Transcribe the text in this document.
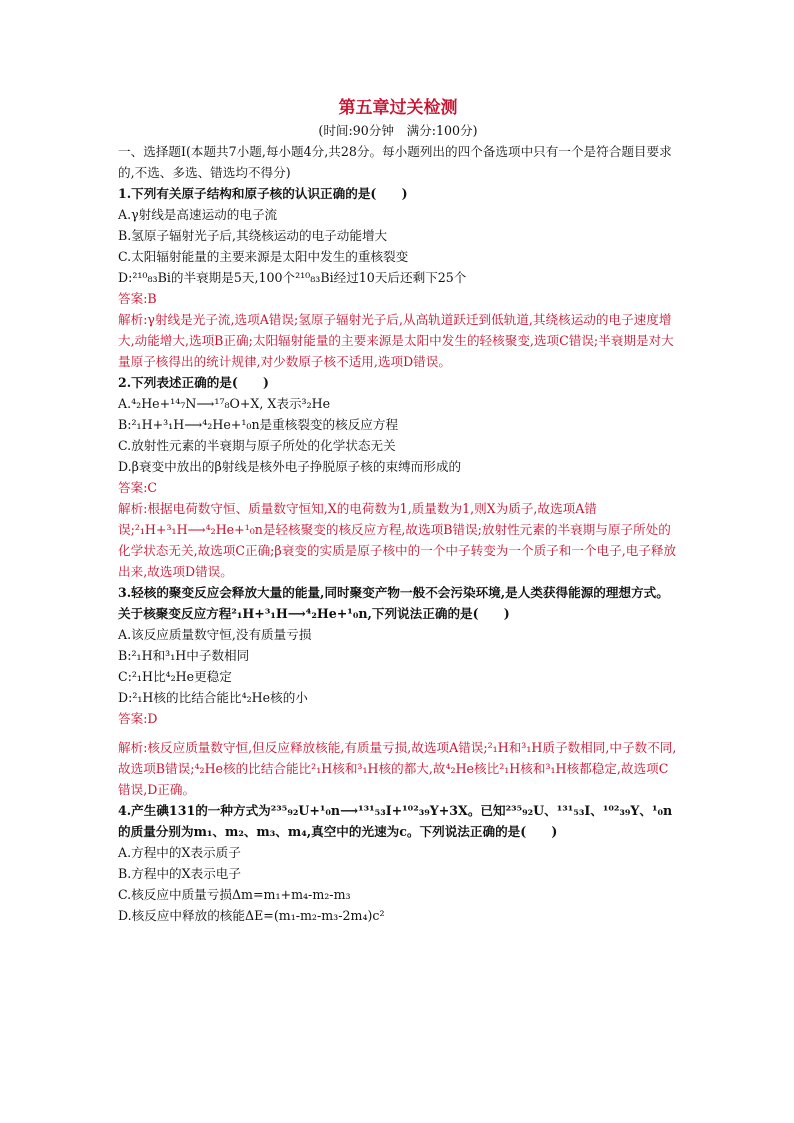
第五章过关检测
(时间:90分钟　满分:100分)

一、选择题Ⅰ(本题共7小题,每小题4分,共28分。每小题列出的四个备选项中只有一个是符合题目要求的,不选、多选、错选均不得分)

1.下列有关原子结构和原子核的认识正确的是(　　)

A.γ射线是高速运动的电子流

B.氢原子辐射光子后,其绕核运动的电子动能增大

C.太阳辐射能量的主要来源是太阳中发生的重核裂变

D:²¹⁰₈₃Bi的半衰期是5天,100个²¹⁰₈₃Bi经过10天后还剩下25个

答案:B

解析:γ射线是光子流,选项A错误;氢原子辐射光子后,从高轨道跃迁到低轨道,其绕核运动的电子速度增大,动能增大,选项B正确;太阳辐射能量的主要来源是太阳中发生的轻核聚变,选项C错误;半衰期是对大量原子核得出的统计规律,对少数原子核不适用,选项D错误。

2.下列表述正确的是(　　)

A.⁴₂He+¹⁴₇N⟶¹⁷₈O+X, X表示³₂He

B:²₁H+³₁H⟶⁴₂He+¹₀n是重核裂变的核反应方程

C.放射性元素的半衰期与原子所处的化学状态无关

D.β衰变中放出的β射线是核外电子挣脱原子核的束缚而形成的

答案:C

解析:根据电荷数守恒、质量数守恒知,X的电荷数为1,质量数为1,则X为质子,故选项A错误;²₁H+³₁H⟶⁴₂He+¹₀n是轻核聚变的核反应方程,故选项B错误;放射性元素的半衰期与原子所处的化学状态无关,故选项C正确;β衰变的实质是原子核中的一个中子转变为一个质子和一个电子,电子释放出来,故选项D错误。

3.轻核的聚变反应会释放大量的能量,同时聚变产物一般不会污染环境,是人类获得能源的理想方式。关于核聚变反应方程²₁H+³₁H⟶⁴₂He+¹₀n,下列说法正确的是(　　)

A.该反应质量数守恒,没有质量亏损

B:²₁H和³₁H中子数相同

C:²₁H比⁴₂He更稳定

D:²₁H核的比结合能比⁴₂He核的小

答案:D

解析:核反应质量数守恒,但反应释放核能,有质量亏损,故选项A错误;²₁H和³₁H质子数相同,中子数不同,故选项B错误;⁴₂He核的比结合能比²₁H核和³₁H核的都大,故⁴₂He核比²₁H核和³₁H核都稳定,故选项C错误,D正确。

4.产生碘131的一种方式为²³⁵₉₂U+¹₀n⟶¹³¹₅₃I+¹⁰²₃₉Y+3X。已知²³⁵₉₂U、¹³¹₅₃I、¹⁰²₃₉Y、¹₀n的质量分别为m₁、m₂、m₃、m₄,真空中的光速为c。下列说法正确的是(　　)

A.方程中的X表示质子

B.方程中的X表示电子

C.核反应中质量亏损Δm=m₁+m₄-m₂-m₃

D.核反应中释放的核能ΔE=(m₁-m₂-m₃-2m₄)c²
